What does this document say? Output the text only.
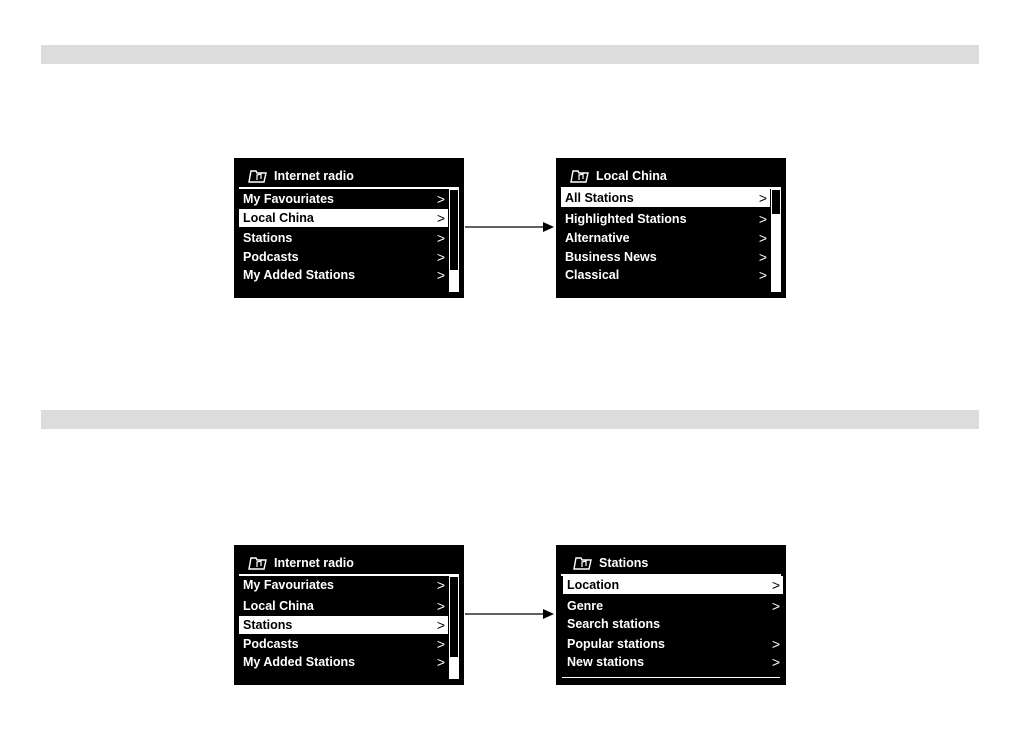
Internet radio
My Favouriates	>
Local China	>
Stations	>
Podcasts	>
My Added Stations	>
Local China
All Stations	>
Highlighted Stations	>
Alternative	>
Business News	>
Classical	>
Internet radio
My Favouriates	>
Local China	>
Stations	>
Podcasts	>
My Added Stations	>
Stations
Location	>
Genre	>
Search stations
Popular stations	>
New stations	>
